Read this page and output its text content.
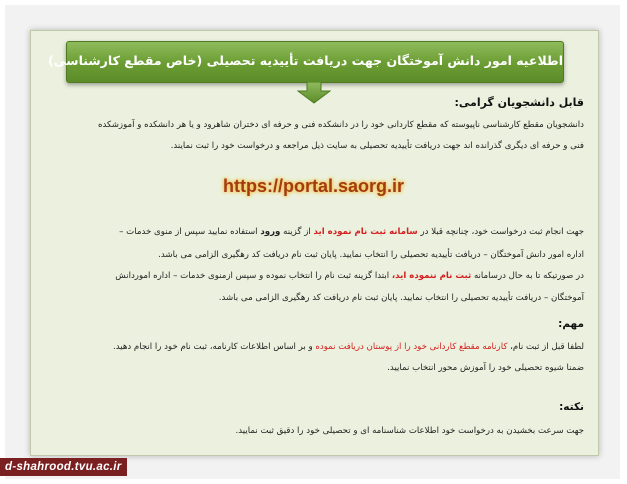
اطلاعیه امور دانش آموختگان جهت دریافت تأییدیه تحصیلی (خاص مقطع کارشناسی)
قابل دانشجویان گرامی:
دانشجویان مقطع کارشناسی ناپیوسته که مقطع کاردانی خود را در دانشکده فنی و حرفه ای دختران شاهرود و یا هر دانشکده و آموزشکده
فنی و حرفه ای دیگری گذرانده اند جهت دریافت تأییدیه تحصیلی به سایت ذیل مراجعه و درخواست خود را ثبت نمایند.
https://portal.saorg.ir
جهت انجام ثبت درخواست خود، چنانچه قبلا در سامانه ثبت نام نموده اید از گزینه ورود استفاده نمایید سپس از منوی خدمات –
اداره امور دانش آموختگان – دریافت تأییدیه تحصیلی را انتخاب نمایید. پایان ثبت نام دریافت کد رهگیری الزامی می باشد.
در صورتیکه تا به حال درسامانه ثبت نام ننموده اید، ابتدا گزینه ثبت نام را انتخاب نموده و سپس ازمنوی خدمات – اداره اموردانش
آموختگان – دریافت تأییدیه تحصیلی را انتخاب نمایید. پایان ثبت نام دریافت کد رهگیری الزامی می باشد.
مهم:
لطفا قبل از ثبت نام، کارنامه مقطع کاردانی خود را از پوستان دریافت نموده و بر اساس اطلاعات کارنامه، ثبت نام خود را انجام دهید.
ضمنا شیوه تحصیلی خود را آموزش محور انتخاب نمایید.
نکته:
جهت سرعت بخشیدن به درخواست خود اطلاعات شناسنامه ای و تحصیلی خود را دقیق ثبت نمایید.
d-shahrood.tvu.ac.ir
